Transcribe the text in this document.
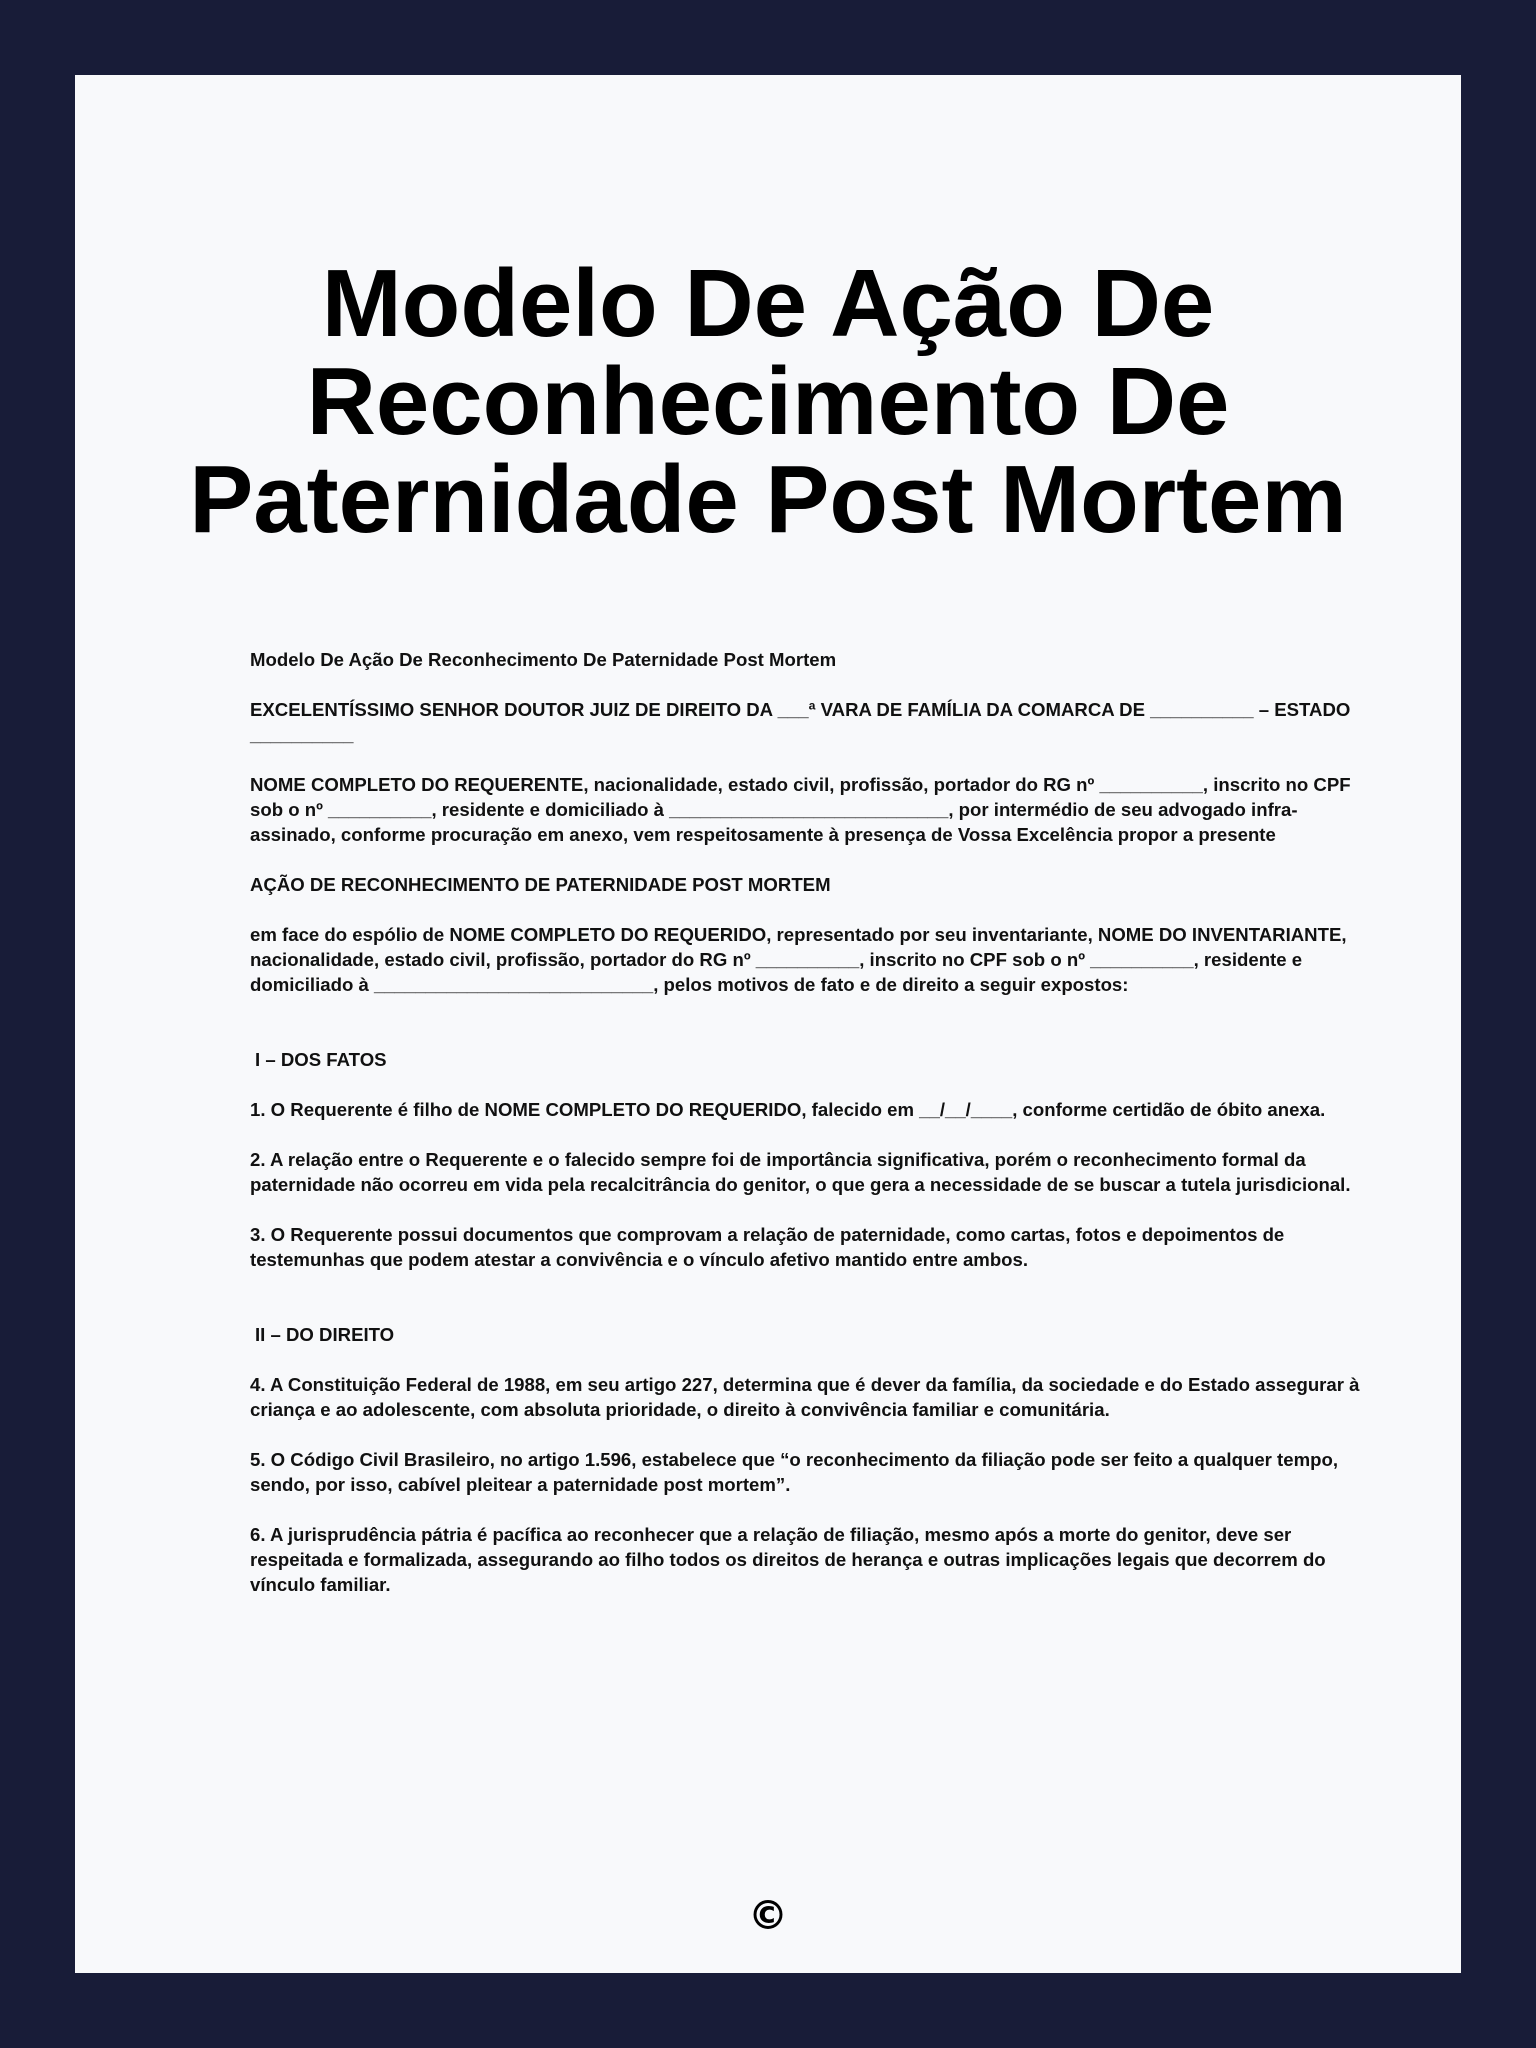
Modelo De Ação De Reconhecimento De Paternidade Post Mortem

Modelo De Ação De Reconhecimento De Paternidade Post Mortem

EXCELENTÍSSIMO SENHOR DOUTOR JUIZ DE DIREITO DA ___ª VARA DE FAMÍLIA DA COMARCA DE __________ – ESTADO __________

NOME COMPLETO DO REQUERENTE, nacionalidade, estado civil, profissão, portador do RG nº __________, inscrito no CPF sob o nº __________, residente e domiciliado à ___________________________, por intermédio de seu advogado infra-assinado, conforme procuração em anexo, vem respeitosamente à presença de Vossa Excelência propor a presente

AÇÃO DE RECONHECIMENTO DE PATERNIDADE POST MORTEM

em face do espólio de NOME COMPLETO DO REQUERIDO, representado por seu inventariante, NOME DO INVENTARIANTE, nacionalidade, estado civil, profissão, portador do RG nº __________, inscrito no CPF sob o nº __________, residente e domiciliado à ___________________________, pelos motivos de fato e de direito a seguir expostos:

I – DOS FATOS

1. O Requerente é filho de NOME COMPLETO DO REQUERIDO, falecido em __/__/____, conforme certidão de óbito anexa.

2. A relação entre o Requerente e o falecido sempre foi de importância significativa, porém o reconhecimento formal da paternidade não ocorreu em vida pela recalcitrância do genitor, o que gera a necessidade de se buscar a tutela jurisdicional.

3. O Requerente possui documentos que comprovam a relação de paternidade, como cartas, fotos e depoimentos de testemunhas que podem atestar a convivência e o vínculo afetivo mantido entre ambos.

II – DO DIREITO

4. A Constituição Federal de 1988, em seu artigo 227, determina que é dever da família, da sociedade e do Estado assegurar à criança e ao adolescente, com absoluta prioridade, o direito à convivência familiar e comunitária.

5. O Código Civil Brasileiro, no artigo 1.596, estabelece que “o reconhecimento da filiação pode ser feito a qualquer tempo, sendo, por isso, cabível pleitear a paternidade post mortem”.

6. A jurisprudência pátria é pacífica ao reconhecer que a relação de filiação, mesmo após a morte do genitor, deve ser respeitada e formalizada, assegurando ao filho todos os direitos de herança e outras implicações legais que decorrem do vínculo familiar.

©
